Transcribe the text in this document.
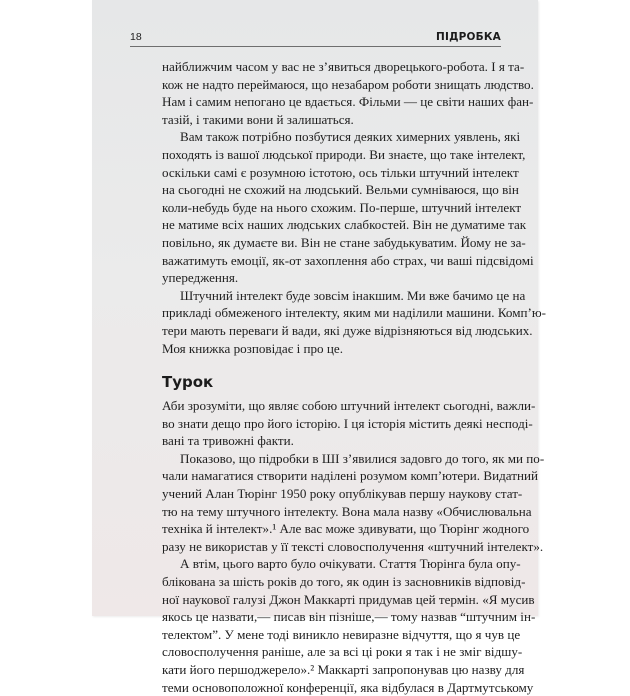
18	ПІДРОБКА

найближчим часом у вас не з’явиться дворецького-робота. І я та-
кож не надто переймаюся, що незабаром роботи знищать людство.
Нам і самим непогано це вдається. Фільми — це світи наших фан-
тазій, і такими вони й залишаться.

Вам також потрібно позбутися деяких химерних уявлень, які
походять із вашої людської природи. Ви знаєте, що таке інтелект,
оскільки самі є розумною істотою, ось тільки штучний інтелект
на сьогодні не схожий на людський. Вельми сумніваюся, що він
коли-небудь буде на нього схожим. По-перше, штучний інтелект
не матиме всіх наших людських слабкостей. Він не думатиме так
повільно, як думаєте ви. Він не стане забудькуватим. Йому не за-
важатимуть емоції, як-от захоплення або страх, чи ваші підсвідомі
упередження.

Штучний інтелект буде зовсім інакшим. Ми вже бачимо це на
прикладі обмеженого інтелекту, яким ми наділили машини. Комп’ю-
тери мають переваги й вади, які дуже відрізняються від людських.
Моя книжка розповідає і про це.

Турок

Аби зрозуміти, що являє собою штучний інтелект сьогодні, важли-
во знати дещо про його історію. І ця історія містить деякі несподі-
вані та тривожні факти.

Показово, що підробки в ШІ з’явилися задовго до того, як ми по-
чали намагатися створити наділені розумом комп’ютери. Видатний
учений Алан Тюрінг 1950 року опублікував першу наукову стат-
тю на тему штучного інтелекту. Вона мала назву «Обчислювальна
техніка й інтелект».¹ Але вас може здивувати, що Тюрінг жодного
разу не використав у її тексті словосполучення «штучний інтелект».

А втім, цього варто було очікувати. Стаття Тюрінга була опу-
блікована за шість років до того, як один із засновників відповід-
ної наукової галузі Джон Маккарті придумав цей термін. «Я мусив
якось це назвати,— писав він пізніше,— тому назвав “штучним ін-
телектом”. У мене тоді виникло невиразне відчуття, що я чув це
словосполучення раніше, але за всі ці роки я так і не зміг відшу-
кати його першоджерело».² Маккарті запропонував цю назву для
теми основоположної конференції, яка відбулася в Дартмутському
